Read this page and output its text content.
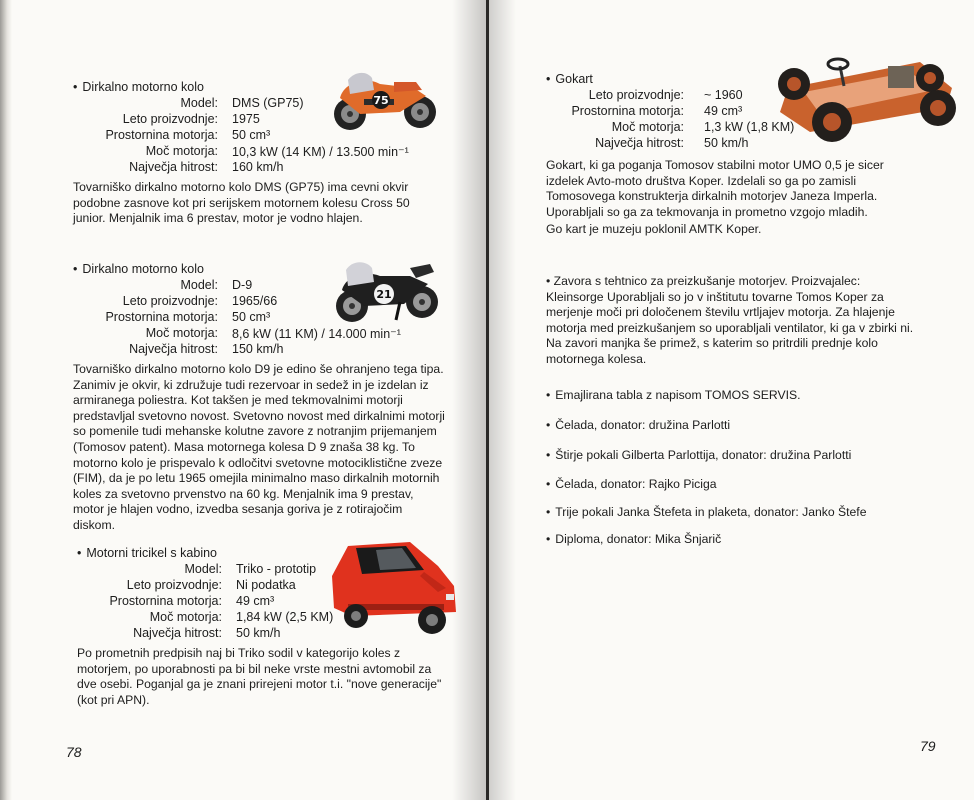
• Dirkalno motorno kolo
Model: DMS (GP75)
Leto proizvodnje: 1975
Prostornina motorja: 50 cm³
Moč motorja: 10,3 kW (14 KM) / 13.500 min⁻¹
Največja hitrost: 160 km/h
75

Tovarniško dirkalno motorno kolo DMS (GP75) ima cevni okvir podobne zasnove kot pri serijskem motornem kolesu Cross 50 junior. Menjalnik ima 6 prestav, motor je vodno hlajen.

• Dirkalno motorno kolo
Model: D-9
Leto proizvodnje: 1965/66
Prostornina motorja: 50 cm³
Moč motorja: 8,6 kW (11 KM) / 14.000 min⁻¹
Največja hitrost: 150 km/h
21

Tovarniško dirkalno motorno kolo D9 je edino še ohranjeno tega tipa. Zanimiv je okvir, ki združuje tudi rezervoar in sedež in je izdelan iz armiranega poliestra. Kot takšen je med tekmovalnimi motorji predstavljal svetovno novost. Svetovno novost med dirkalnimi motorji so pomenile tudi mehanske kolutne zavore z notranjim prijemanjem (Tomosov patent). Masa motornega kolesa D 9 znaša 38 kg. To motorno kolo je prispevalo k odločitvi svetovne motociklistične zveze (FIM), da je po letu 1965 omejila minimalno maso dirkalnih motornih koles za svetovno prvenstvo na 60 kg. Menjalnik ima 9 prestav, motor je hlajen vodno, izvedba sesanja goriva je z rotirajočim diskom.

• Motorni tricikel s kabino
Model: Triko - prototip
Leto proizvodnje: Ni podatka
Prostornina motorja: 49 cm³
Moč motorja: 1,84 kW (2,5 KM)
Največja hitrost: 50 km/h

Po prometnih predpisih naj bi Triko sodil v kategorijo koles z motorjem, po uporabnosti pa bi bil neke vrste mestni avtomobil za dve osebi. Poganjal ga je znani prirejeni motor t.i. "nove generacije" (kot pri APN).

78
• Gokart
Leto proizvodnje: ~ 1960
Prostornina motorja: 49 cm³
Moč motorja: 1,3 kW (1,8 KM)
Največja hitrost: 50 km/h

Gokart, ki ga poganja Tomosov stabilni motor UMO 0,5 je sicer izdelek Avto-moto društva Koper. Izdelali so ga po zamisli Tomosovega konstrukterja dirkalnih motorjev Janeza Imperla. Uporabljali so ga za tekmovanja in prometno vzgojo mladih.

Go kart je muzeju poklonil AMTK Koper.

• Zavora s tehtnico za preizkušanje motorjev. Proizvajalec: Kleinsorge Uporabljali so jo v inštitutu tovarne Tomos Koper za merjenje moči pri določenem številu vrtljajev motorja. Za hlajenje motorja med preizkušanjem so uporabljali ventilator, ki ga v zbirki ni. Na zavori manjka še primež, s katerim so pritrdili prednje kolo motornega kolesa.

• Emajlirana tabla z napisom TOMOS SERVIS.
• Čelada, donator: družina Parlotti
• Štirje pokali Gilberta Parlottija, donator: družina Parlotti
• Čelada, donator: Rajko Piciga
• Trije pokali Janka Štefeta in plaketa, donator: Janko Štefe
• Diploma, donator: Mika Šnjarič
79
